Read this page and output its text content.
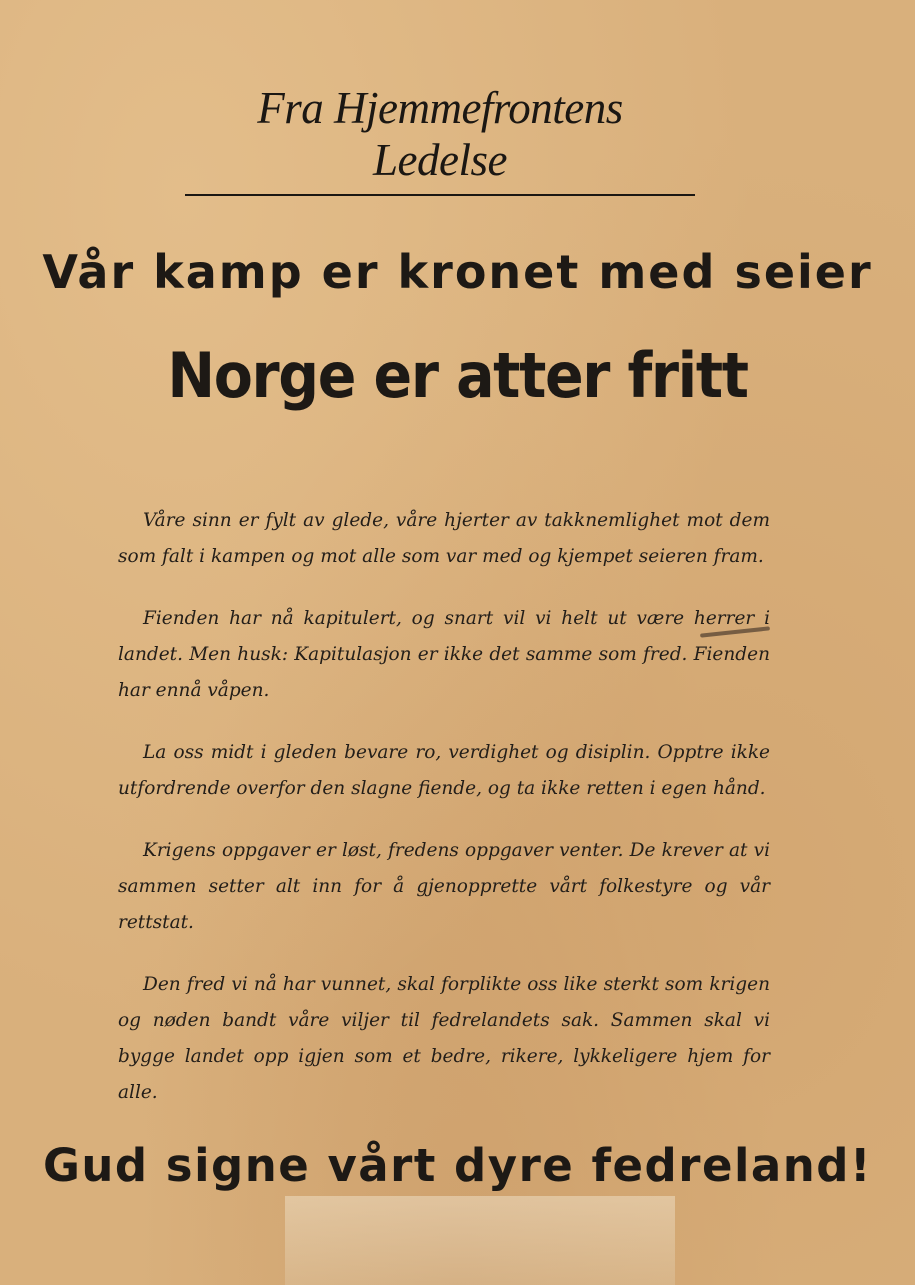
Fra Hjemmefrontens Ledelse
Vår kamp er kronet med seier
Norge er atter fritt

Våre sinn er fylt av glede, våre hjerter av takknemlighet mot dem som falt i kampen og mot alle som var med og kjempet seieren fram.

Fienden har nå kapitulert, og snart vil vi helt ut være herrer i landet. Men husk: Kapitulasjon er ikke det samme som fred. Fienden har ennå våpen.

La oss midt i gleden bevare ro, verdighet og disiplin. Opptre ikke utfordrende overfor den slagne fiende, og ta ikke retten i egen hånd.

Krigens oppgaver er løst, fredens oppgaver venter. De krever at vi sammen setter alt inn for å gjenopprette vårt folkestyre og vår rettstat.

Den fred vi nå har vunnet, skal forplikte oss like sterkt som krigen og nøden bandt våre viljer til fedrelandets sak. Sammen skal vi bygge landet opp igjen som et bedre, rikere, lykkeligere hjem for alle.

Gud signe vårt dyre fedreland!
